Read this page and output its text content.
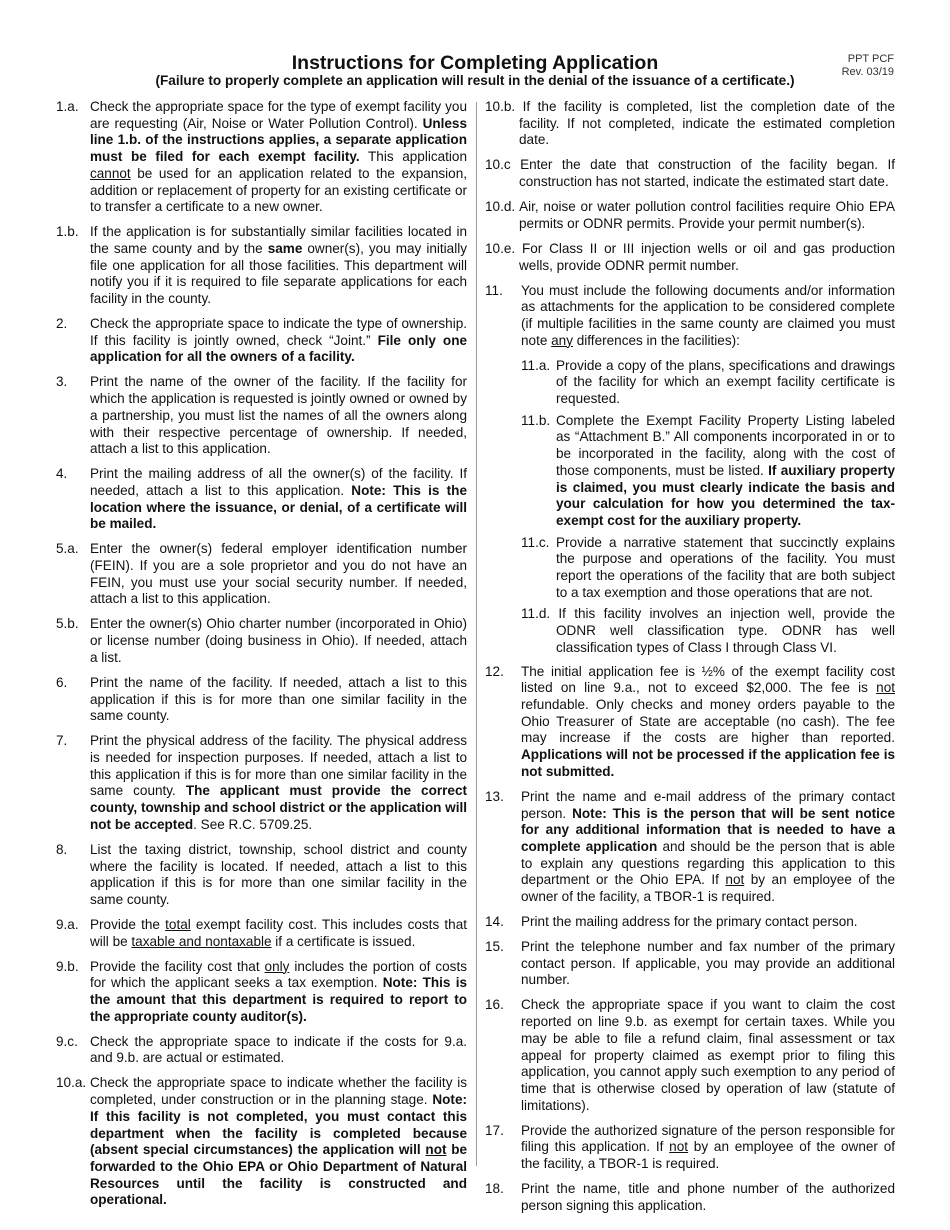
PPT PCF
Rev. 03/19
Instructions for Completing Application
(Failure to properly complete an application will result in the denial of the issuance of a certificate.)
1.a. Check the appropriate space for the type of exempt facility you are requesting (Air, Noise or Water Pollution Control). Unless line 1.b. of the instructions applies, a separate application must be filed for each exempt facility. This application cannot be used for an application related to the expansion, addition or replacement of property for an existing certificate or to transfer a certificate to a new owner.
1.b. If the application is for substantially similar facilities located in the same county and by the same owner(s), you may initially file one application for all those facilities. This department will notify you if it is required to file separate applications for each facility in the county.
2.	Check the appropriate space to indicate the type of ownership. If this facility is jointly owned, check “Joint.” File only one application for all the owners of a facility.
3.	Print the name of the owner of the facility. If the facility for which the application is requested is jointly owned or owned by a partnership, you must list the names of all the owners along with their respective percentage of ownership. If needed, attach a list to this application.
4.	Print the mailing address of all the owner(s) of the facility. If needed, attach a list to this application. Note: This is the location where the issuance, or denial, of a certificate will be mailed.
5.a. Enter the owner(s) federal employer identification number (FEIN). If you are a sole proprietor and you do not have an FEIN, you must use your social security number. If needed, attach a list to this application.
5.b. Enter the owner(s) Ohio charter number (incorporated in Ohio) or license number (doing business in Ohio). If needed, attach a list.
6.	Print the name of the facility. If needed, attach a list to this application if this is for more than one similar facility in the same county.
7.	Print the physical address of the facility. The physical address is needed for inspection purposes. If needed, attach a list to this application if this is for more than one similar facility in the same county. The applicant must provide the correct county, township and school district or the application will not be accepted. See R.C. 5709.25.
8.	List the taxing district, township, school district and county where the facility is located. If needed, attach a list to this application if this is for more than one similar facility in the same county.
9.a. Provide the total exempt facility cost. This includes costs that will be taxable and nontaxable if a certificate is issued.
9.b. Provide the facility cost that only includes the portion of costs for which the applicant seeks a tax exemption. Note: This is the amount that this department is required to report to the appropriate county auditor(s).
9.c. Check the appropriate space to indicate if the costs for 9.a. and 9.b. are actual or estimated.
10.a. Check the appropriate space to indicate whether the facility is completed, under construction or in the planning stage. Note: If this facility is not completed, you must contact this department when the facility is completed because (absent special circumstances) the application will not be forwarded to the Ohio EPA or Ohio Department of Natural Resources until the facility is constructed and operational.
10.b. If the facility is completed, list the completion date of the facility. If not completed, indicate the estimated completion date.
10.c Enter the date that construction of the facility began. If construction has not started, indicate the estimated start date.
10.d. Air, noise or water pollution control facilities require Ohio EPA permits or ODNR permits. Provide your permit number(s).
10.e. For Class II or III injection wells or oil and gas production wells, provide ODNR permit number.
11.	You must include the following documents and/or information as attachments for the application to be considered complete (if multiple facilities in the same county are claimed you must note any differences in the facilities):
11.a. Provide a copy of the plans, specifications and drawings of the facility for which an exempt facility certificate is requested.
11.b. Complete the Exempt Facility Property Listing labeled as “Attachment B.” All components incorporated in or to be incorporated in the facility, along with the cost of those components, must be listed. If auxiliary property is claimed, you must clearly indicate the basis and your calculation for how you determined the tax-exempt cost for the auxiliary property.
11.c. Provide a narrative statement that succinctly explains the purpose and operations of the facility. You must report the operations of the facility that are both subject to a tax exemption and those operations that are not.
11.d. If this facility involves an injection well, provide the ODNR well classification type. ODNR has well classification types of Class I through Class VI.
12.	The initial application fee is ½% of the exempt facility cost listed on line 9.a., not to exceed $2,000. The fee is not refundable. Only checks and money orders payable to the Ohio Treasurer of State are acceptable (no cash). The fee may increase if the costs are higher than reported. Applications will not be processed if the application fee is not submitted.
13.	Print the name and e-mail address of the primary contact person. Note: This is the person that will be sent notice for any additional information that is needed to have a complete application and should be the person that is able to explain any questions regarding this application to this department or the Ohio EPA. If not by an employee of the owner of the facility, a TBOR-1 is required.
14.	Print the mailing address for the primary contact person.
15.	Print the telephone number and fax number of the primary contact person. If applicable, you may provide an additional number.
16.	Check the appropriate space if you want to claim the cost reported on line 9.b. as exempt for certain taxes. While you may be able to file a refund claim, final assessment or tax appeal for property claimed as exempt prior to filing this application, you cannot apply such exemption to any period of time that is otherwise closed by operation of law (statute of limitations).
17.	Provide the authorized signature of the person responsible for filing this application. If not by an employee of the owner of the facility, a TBOR-1 is required.
18.	Print the name, title and phone number of the authorized person signing this application.
